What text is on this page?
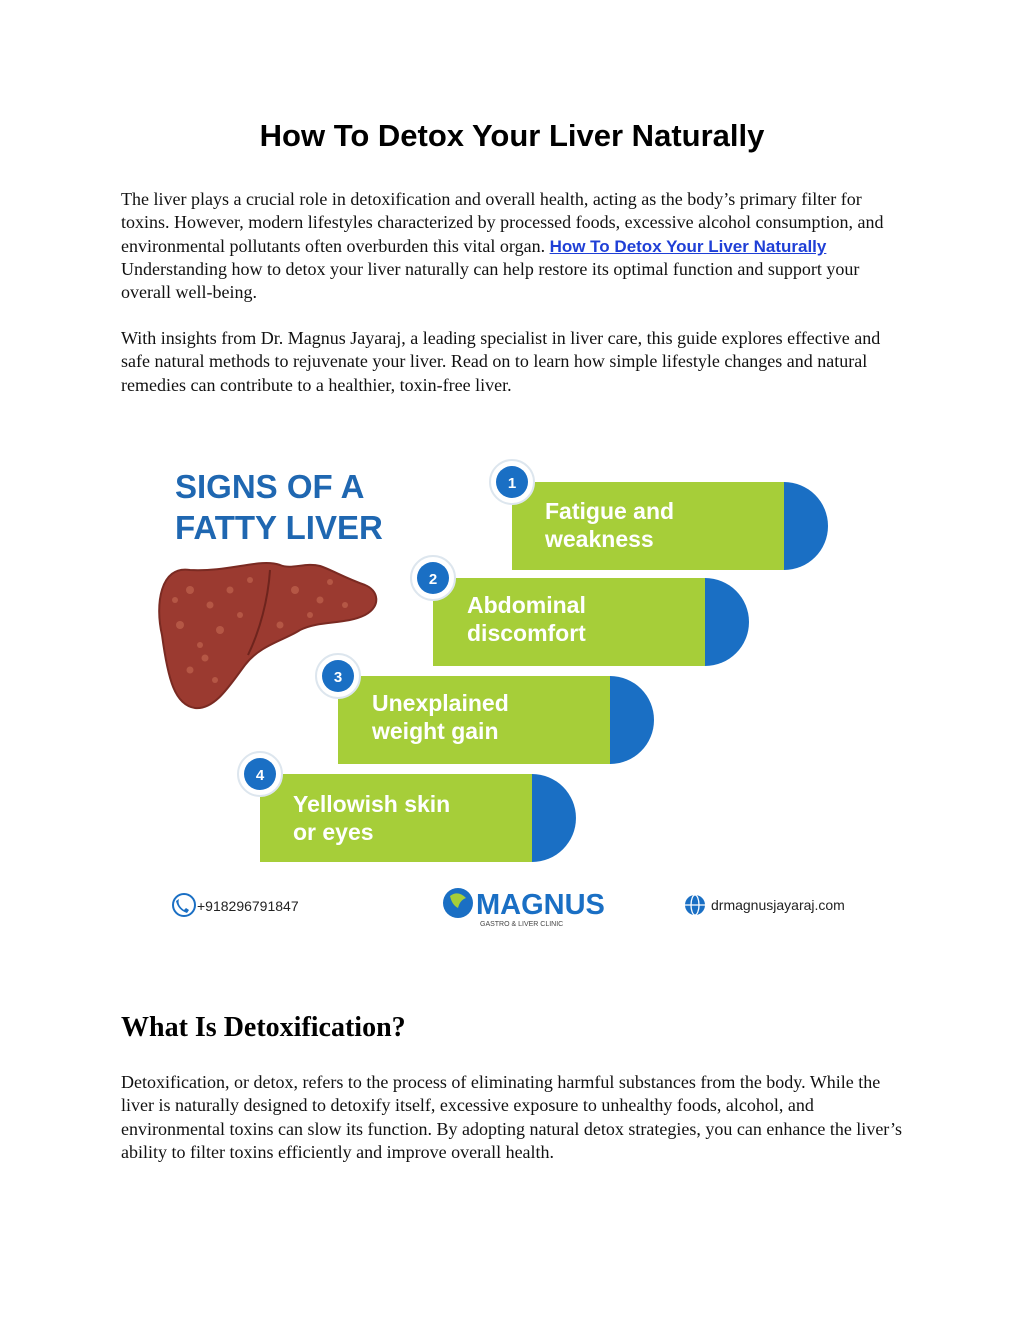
How To Detox Your Liver Naturally

The liver plays a crucial role in detoxification and overall health, acting as the body’s primary filter for toxins. However, modern lifestyles characterized by processed foods, excessive alcohol consumption, and environmental pollutants often overburden this vital organ. How To Detox Your Liver Naturally Understanding how to detox your liver naturally can help restore its optimal function and support your overall well-being.

With insights from Dr. Magnus Jayaraj, a leading specialist in liver care, this guide explores effective and safe natural methods to rejuvenate your liver. Read on to learn how simple lifestyle changes and natural remedies can contribute to a healthier, toxin-free liver.

SIGNS OF A
FATTY LIVER
1
Fatigue and
weakness
2
Abdominal
discomfort
3
Unexplained
weight gain
4
Yellowish skin
or eyes
+918296791847	MAGNUS
GASTRO & LIVER CLINIC
drmagnusjayaraj.com
What Is Detoxification?

Detoxification, or detox, refers to the process of eliminating harmful substances from the body. While the liver is naturally designed to detoxify itself, excessive exposure to unhealthy foods, alcohol, and environmental toxins can slow its function. By adopting natural detox strategies, you can enhance the liver’s ability to filter toxins efficiently and improve overall health.
